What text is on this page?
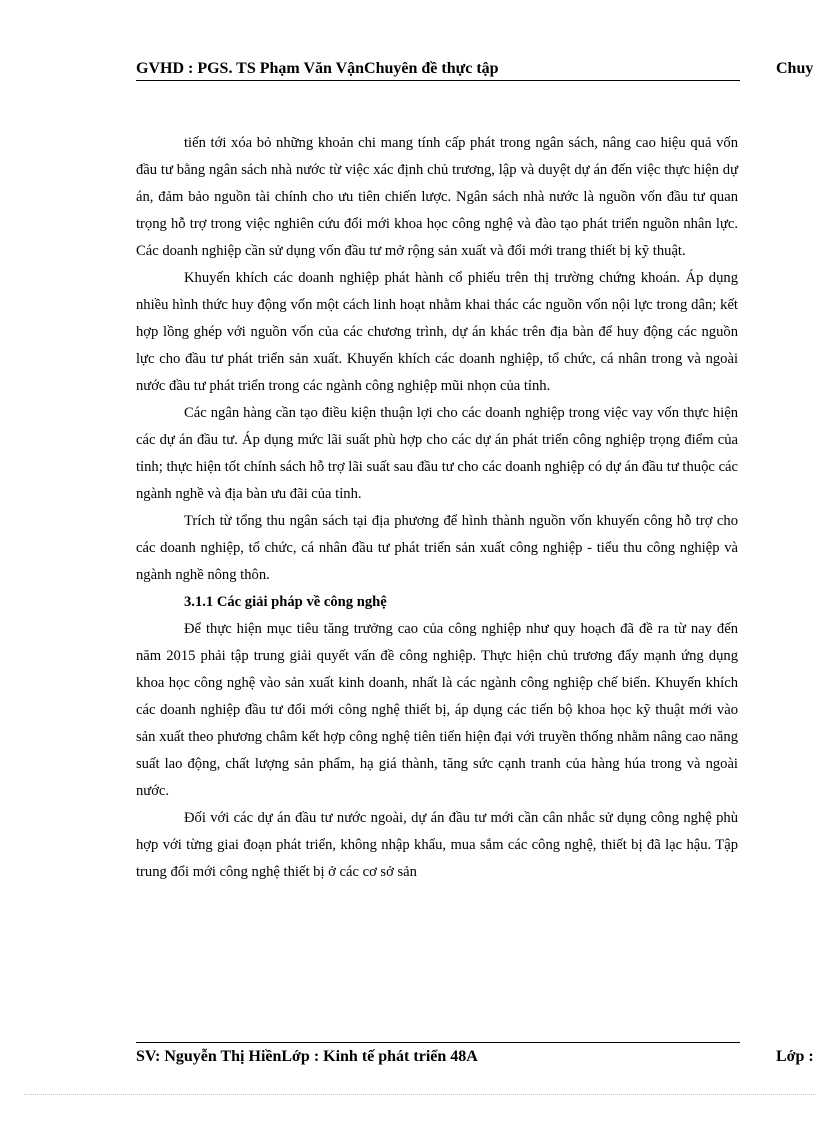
GVHD : PGS. TS Phạm Văn VậnChuyên đề thực tập	Chuy

tiến tới xóa bỏ những khoản chi mang tính cấp phát trong ngân sách, nâng cao hiệu quả vốn đầu tư bằng ngân sách nhà nước từ việc xác định chủ trương, lập và duyệt dự án đến việc thực hiện dự án, đảm bảo nguồn tài chính cho ưu tiên chiến lược. Ngân sách nhà nước là nguồn vốn đầu tư quan trọng hỗ trợ trong việc nghiên cứu đổi mới khoa học công nghệ và đào tạo phát triển nguồn nhân lực. Các doanh nghiệp cần sử dụng vốn đầu tư mở rộng sản xuất và đổi mới trang thiết bị kỹ thuật.

Khuyến khích các doanh nghiệp phát hành cổ phiếu trên thị trường chứng khoán. Áp dụng nhiều hình thức huy động vốn một cách linh hoạt nhằm khai thác các nguồn vốn nội lực trong dân; kết hợp lồng ghép với nguồn vốn của các chương trình, dự án khác trên địa bàn để huy động các nguồn lực cho đầu tư phát triển sản xuất. Khuyến khích các doanh nghiệp, tổ chức, cá nhân trong và ngoài nước đầu tư phát triển trong các ngành công nghiệp mũi nhọn của tỉnh.

Các ngân hàng cần tạo điều kiện thuận lợi cho các doanh nghiệp trong việc vay vốn thực hiện các dự án đầu tư. Áp dụng mức lãi suất phù hợp cho các dự án phát triển công nghiệp trọng điểm của tỉnh; thực hiện tốt chính sách hỗ trợ lãi suất sau đầu tư cho các doanh nghiệp có dự án đầu tư thuộc các ngành nghề và địa bàn ưu đãi của tỉnh.

Trích từ tổng thu ngân sách tại địa phương để hình thành nguồn vốn khuyến công hỗ trợ cho các doanh nghiệp, tổ chức, cá nhân đầu tư phát triển sản xuất công nghiệp - tiểu thu công nghiệp và ngành nghề nông thôn.

3.1.1 Các giải pháp về công nghệ

Để thực hiện mục tiêu tăng trưởng cao của công nghiệp như quy hoạch đã đề ra từ nay đến năm 2015 phải tập trung giải quyết vấn đề công nghiệp. Thực hiện chủ trương đẩy mạnh ứng dụng khoa học công nghệ vào sản xuất kinh doanh, nhất là các ngành công nghiệp chế biến. Khuyến khích các doanh nghiệp đầu tư đổi mới công nghệ thiết bị, áp dụng các tiến bộ khoa học kỹ thuật mới vào sản xuất theo phương châm kết hợp công nghệ tiên tiến hiện đại với truyền thống nhằm nâng cao năng suất lao động, chất lượng sản phẩm, hạ giá thành, tăng sức cạnh tranh của hàng húa trong và ngoài nước.

Đối với các dự án đầu tư nước ngoài, dự án đầu tư mới cần cân nhắc sử dụng công nghệ phù hợp với từng giai đoạn phát triển, không nhập khẩu, mua sắm các công nghệ, thiết bị đã lạc hậu. Tập trung đổi mới công nghệ thiết bị ở các cơ sở sản

SV: Nguyễn Thị HiềnLớp : Kinh tế phát triển 48A	Lớp :
